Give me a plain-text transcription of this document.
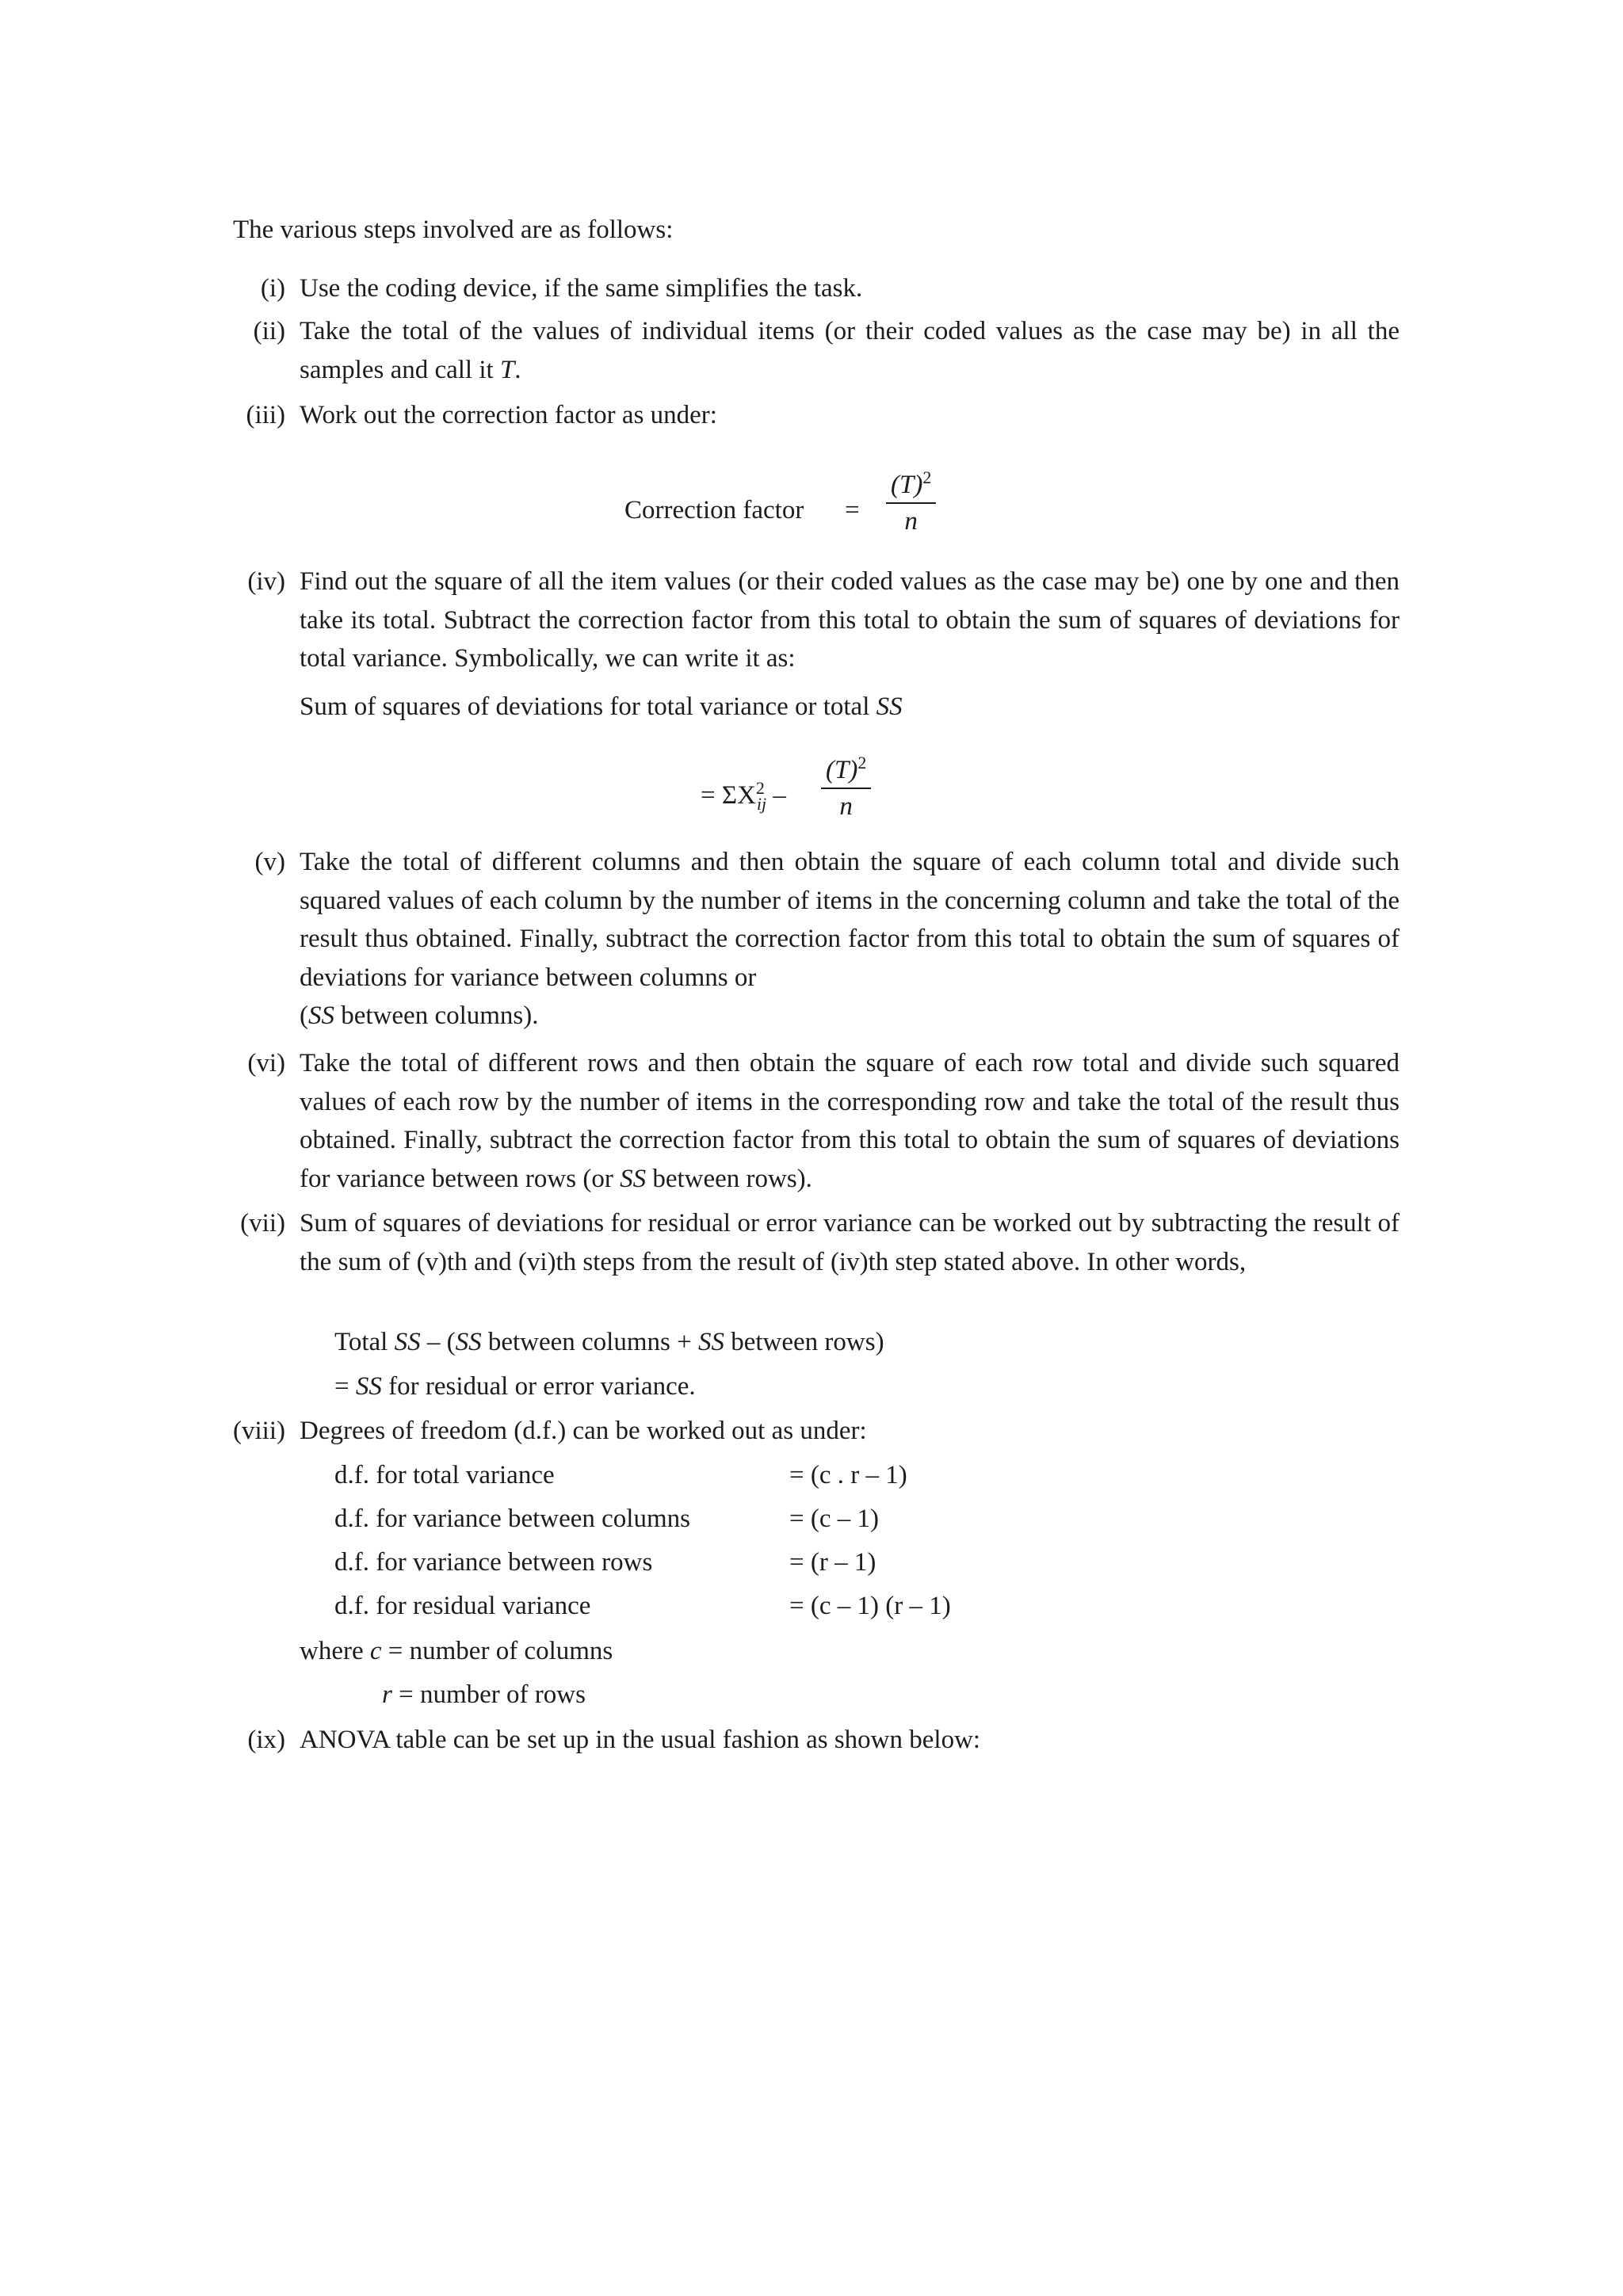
The various steps involved are as follows:
(i) Use the coding device, if the same simplifies the task.
(ii) Take the total of the values of individual items (or their coded values as the case may be) in all the samples and call it T.
(iii) Work out the correction factor as under:
Correction factor =
$(T)^2$
n
(iv) Find out the square of all the item values (or their coded values as the case may be) one by one and then take its total. Subtract the correction factor from this total to obtain the sum of squares of deviations for total variance. Symbolically, we can write it as:
Sum of squares of deviations for total variance or total SS
= $\Sigma X^2_{ij}$ –
$(T)^2$
n
(v) Take the total of different columns and then obtain the square of each column total and divide such squared values of each column by the number of items in the concerning column and take the total of the result thus obtained. Finally, subtract the correction factor from this total to obtain the sum of squares of deviations for variance between columns or
(SS between columns).
(vi) Take the total of different rows and then obtain the square of each row total and divide such squared values of each row by the number of items in the corresponding row and take the total of the result thus obtained. Finally, subtract the correction factor from this total to obtain the sum of squares of deviations for variance between rows (or SS between rows).
(vii) Sum of squares of deviations for residual or error variance can be worked out by subtracting the result of the sum of (v)th and (vi)th steps from the result of (iv)th step stated above. In other words,
Total SS – (SS between columns + SS between rows)
= SS for residual or error variance.
(viii) Degrees of freedom (d.f.) can be worked out as under:
d.f. for total variance	= (c . r – 1)
d.f. for variance between columns	= (c – 1)
d.f. for variance between rows	= (r – 1)
d.f. for residual variance	= (c – 1) (r – 1)
where c = number of columns
r = number of rows
(ix) ANOVA table can be set up in the usual fashion as shown below:
